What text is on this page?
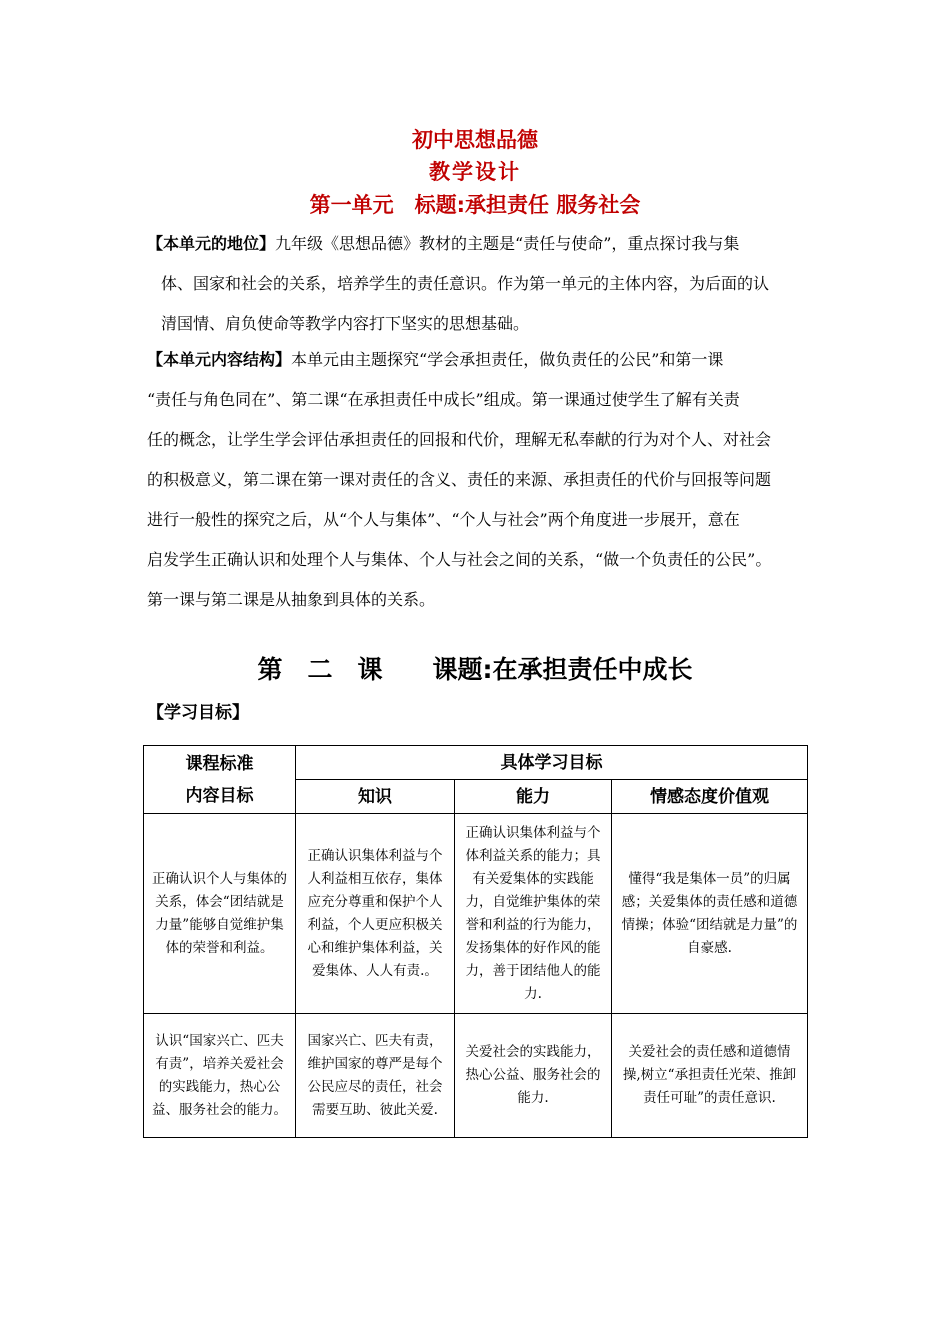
初中思想品德
教学设计
第一单元　标题:承担责任 服务社会
【本单元的地位】九年级《思想品德》教材的主题是“责任与使命”，重点探讨我与集
体、国家和社会的关系，培养学生的责任意识。作为第一单元的主体内容，为后面的认
清国情、肩负使命等教学内容打下坚实的思想基础。
【本单元内容结构】本单元由主题探究“学会承担责任，做负责任的公民”和第一课
“责任与角色同在”、第二课“在承担责任中成长”组成。第一课通过使学生了解有关责
任的概念，让学生学会评估承担责任的回报和代价，理解无私奉献的行为对个人、对社会
的积极意义，第二课在第一课对责任的含义、责任的来源、承担责任的代价与回报等问题
进行一般性的探究之后，从“个人与集体”、“个人与社会”两个角度进一步展开，意在
启发学生正确认识和处理个人与集体、个人与社会之间的关系，“做一个负责任的公民”。
第一课与第二课是从抽象到具体的关系。
第　二　课　　课题:在承担责任中成长
【学习目标】
课程标准
内容目标	具体学习目标		
	知识	能力	情感态度价值观
正确认识个人与集体的关系，体会“团结就是力量”能够自觉维护集体的荣誉和利益。	正确认识集体利益与个人利益相互依存，集体应充分尊重和保护个人利益，个人更应积极关心和维护集体利益，关爱集体、人人有责.。	正确认识集体利益与个体利益关系的能力；具有关爱集体的实践能力，自觉维护集体的荣誉和利益的行为能力，发扬集体的好作风的能力，善于团结他人的能力.	懂得“我是集体一员”的归属感；关爱集体的责任感和道德情操；体验“团结就是力量”的自豪感.
认识“国家兴亡、匹夫有责”，培养关爱社会的实践能力，热心公益、服务社会的能力。	国家兴亡、匹夫有责，维护国家的尊严是每个公民应尽的责任，社会需要互助、彼此关爱.	关爱社会的实践能力，热心公益、服务社会的能力.	关爱社会的责任感和道德情操,树立“承担责任光荣、推卸责任可耻”的责任意识.
